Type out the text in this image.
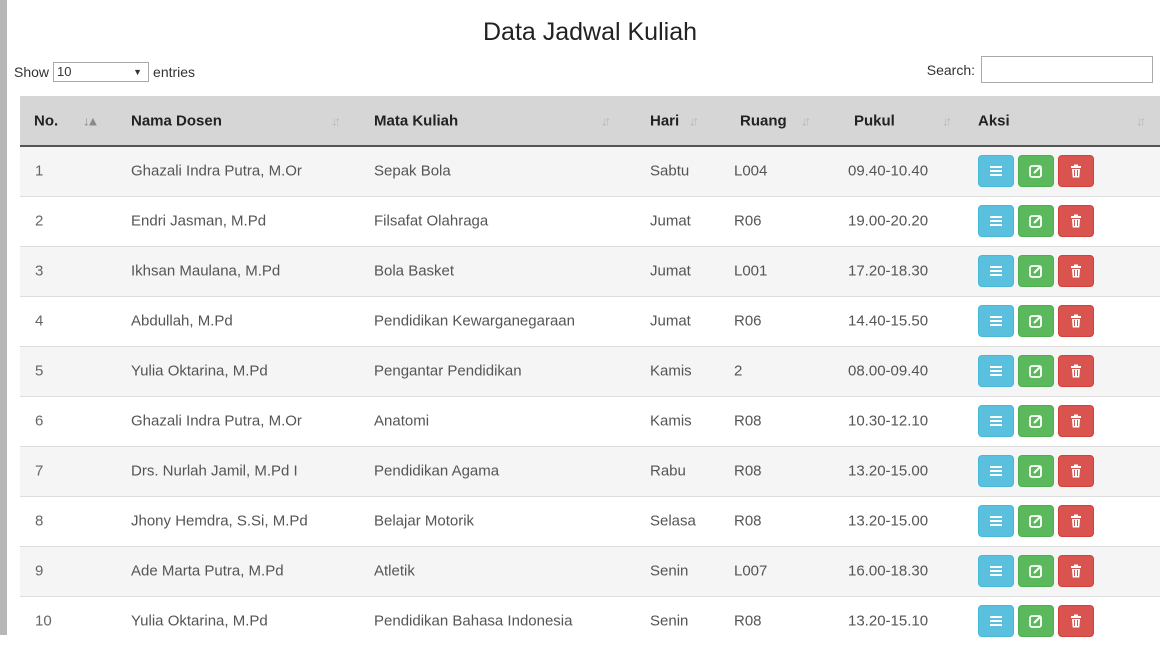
Data Jadwal Kuliah
Show 10	▼ entries	Search:
No. ↓▲	Nama Dosen ↓↑	Mata Kuliah ↓↑	Hari ↓↑	Ruang ↓↑	Pukul ↓↑	Aksi ↓↑

1	Ghazali Indra Putra, M.Or	Sepak Bola	Sabtu	L004	09.40-10.40

2	Endri Jasman, M.Pd	Filsafat Olahraga	Jumat	R06	19.00-20.20

3	Ikhsan Maulana, M.Pd	Bola Basket	Jumat	L001	17.20-18.30

4	Abdullah, M.Pd	Pendidikan Kewarganegaraan	Jumat	R06	14.40-15.50

5	Yulia Oktarina, M.Pd	Pengantar Pendidikan	Kamis	2	08.00-09.40

6	Ghazali Indra Putra, M.Or	Anatomi	Kamis	R08	10.30-12.10

7	Drs. Nurlah Jamil, M.Pd I	Pendidikan Agama	Rabu	R08	13.20-15.00

8	Jhony Hemdra, S.Si, M.Pd	Belajar Motorik	Selasa	R08	13.20-15.00

9	Ade Marta Putra, M.Pd	Atletik	Senin	L007	16.00-18.30

10	Yulia Oktarina, M.Pd	Pendidikan Bahasa Indonesia	Senin	R08	13.20-15.10
